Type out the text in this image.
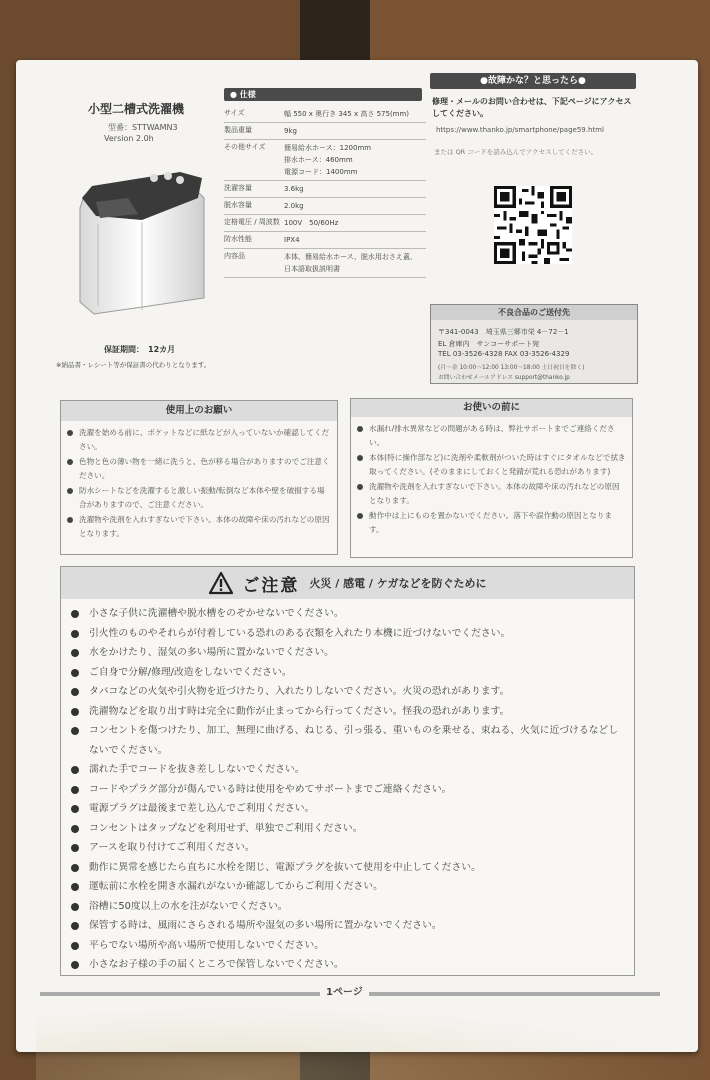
小型二槽式洗濯機
型番：STTWAMN3
Version 2.0h
保証期間：　12カ月
※納品書・レシート等が保証書の代わりとなります。
● 仕様
サイズ	幅 550 x 奥行き 345 x 高さ 575(mm)
製品重量	9kg
その他サイズ	簡易給水ホース：1200mm
排水ホース：460mm
電源コード：1400mm
洗濯容量	3.6kg
脱水容量	2.0kg
定格電圧 / 周波数 100V　50/60Hz
防水性能	IPX4
内容品	本体、簡易給水ホース、脱水用おさえ蓋、
日本語取扱説明書
●故障かな？と思ったら●
修理・メールのお問い合わせは、下記ページにアクセスしてください。
https://www.thanko.jp/smartphone/page59.html
または QR コードを読み込んでアクセスしてください。
不良合品のご送付先
〒341-0043　埼玉県三郷市栄 4－72－1
EL 倉庫内　サンコーサポート宛
TEL 03-3526-4328 FAX 03-3526-4329
(月～金 10:00～12:00 13:00～18:00 土日祝日を除く)
お問い合わせメールアドレス support@thanko.jp
使用上のお願い
洗濯を始める前に、ポケットなどに紙などが入っていないか確認してください。
色物と色の薄い物を一緒に洗うと、色が移る場合がありますのでご注意ください。
防水シートなどを洗濯すると激しい振動/転倒など本体や壁を破損する場合がありますので、ご注意ください。
洗濯物や洗剤を入れすぎないで下さい。本体の故障や床の汚れなどの原因となります。
お使いの前に
水漏れ/排水異常などの問題がある時は、弊社サポートまでご連絡ください。
本体(特に操作部など)に洗剤や柔軟剤がついた時はすぐにタオルなどで拭き取ってください。(そのままにしておくと発錆が荒れる恐れがあります)
洗濯物や洗剤を入れすぎないで下さい。本体の故障や床の汚れなどの原因となります。
動作中は上にものを置かないでください。落下や誤作動の原因となります。
ご注意 火災 / 感電 / ケガなどを防ぐために
小さな子供に洗濯槽や脱水槽をのぞかせないでください。
引火性のものやそれらが付着している恐れのある衣類を入れたり本機に近づけないでください。
水をかけたり、湿気の多い場所に置かないでください。
ご自身で分解/修理/改造をしないでください。
タバコなどの火気や引火物を近づけたり、入れたりしないでください。火災の恐れがあります。
洗濯物などを取り出す時は完全に動作が止まってから行ってください。怪我の恐れがあります。
コンセントを傷つけたり、加工、無理に曲げる、ねじる、引っ張る、重いものを乗せる、束ねる、火気に近づけるなどしないでください。
濡れた手でコードを抜き差ししないでください。
コードやプラグ部分が傷んでいる時は使用をやめてサポートまでご連絡ください。
電源プラグは最後まで差し込んでご利用ください。
コンセントはタップなどを利用せず、単独でご利用ください。
アースを取り付けてご利用ください。
動作に異常を感じたら直ちに水栓を閉じ、電源プラグを抜いて使用を中止してください。
運転前に水栓を開き水漏れがないか確認してからご利用ください。
浴槽に50度以上の水を注がないでください。
保管する時は、風雨にさらされる場所や湿気の多い場所に置かないでください。
平らでない場所や高い場所で使用しないでください。
小さなお子様の手の届くところで保管しないでください。
1ページ
